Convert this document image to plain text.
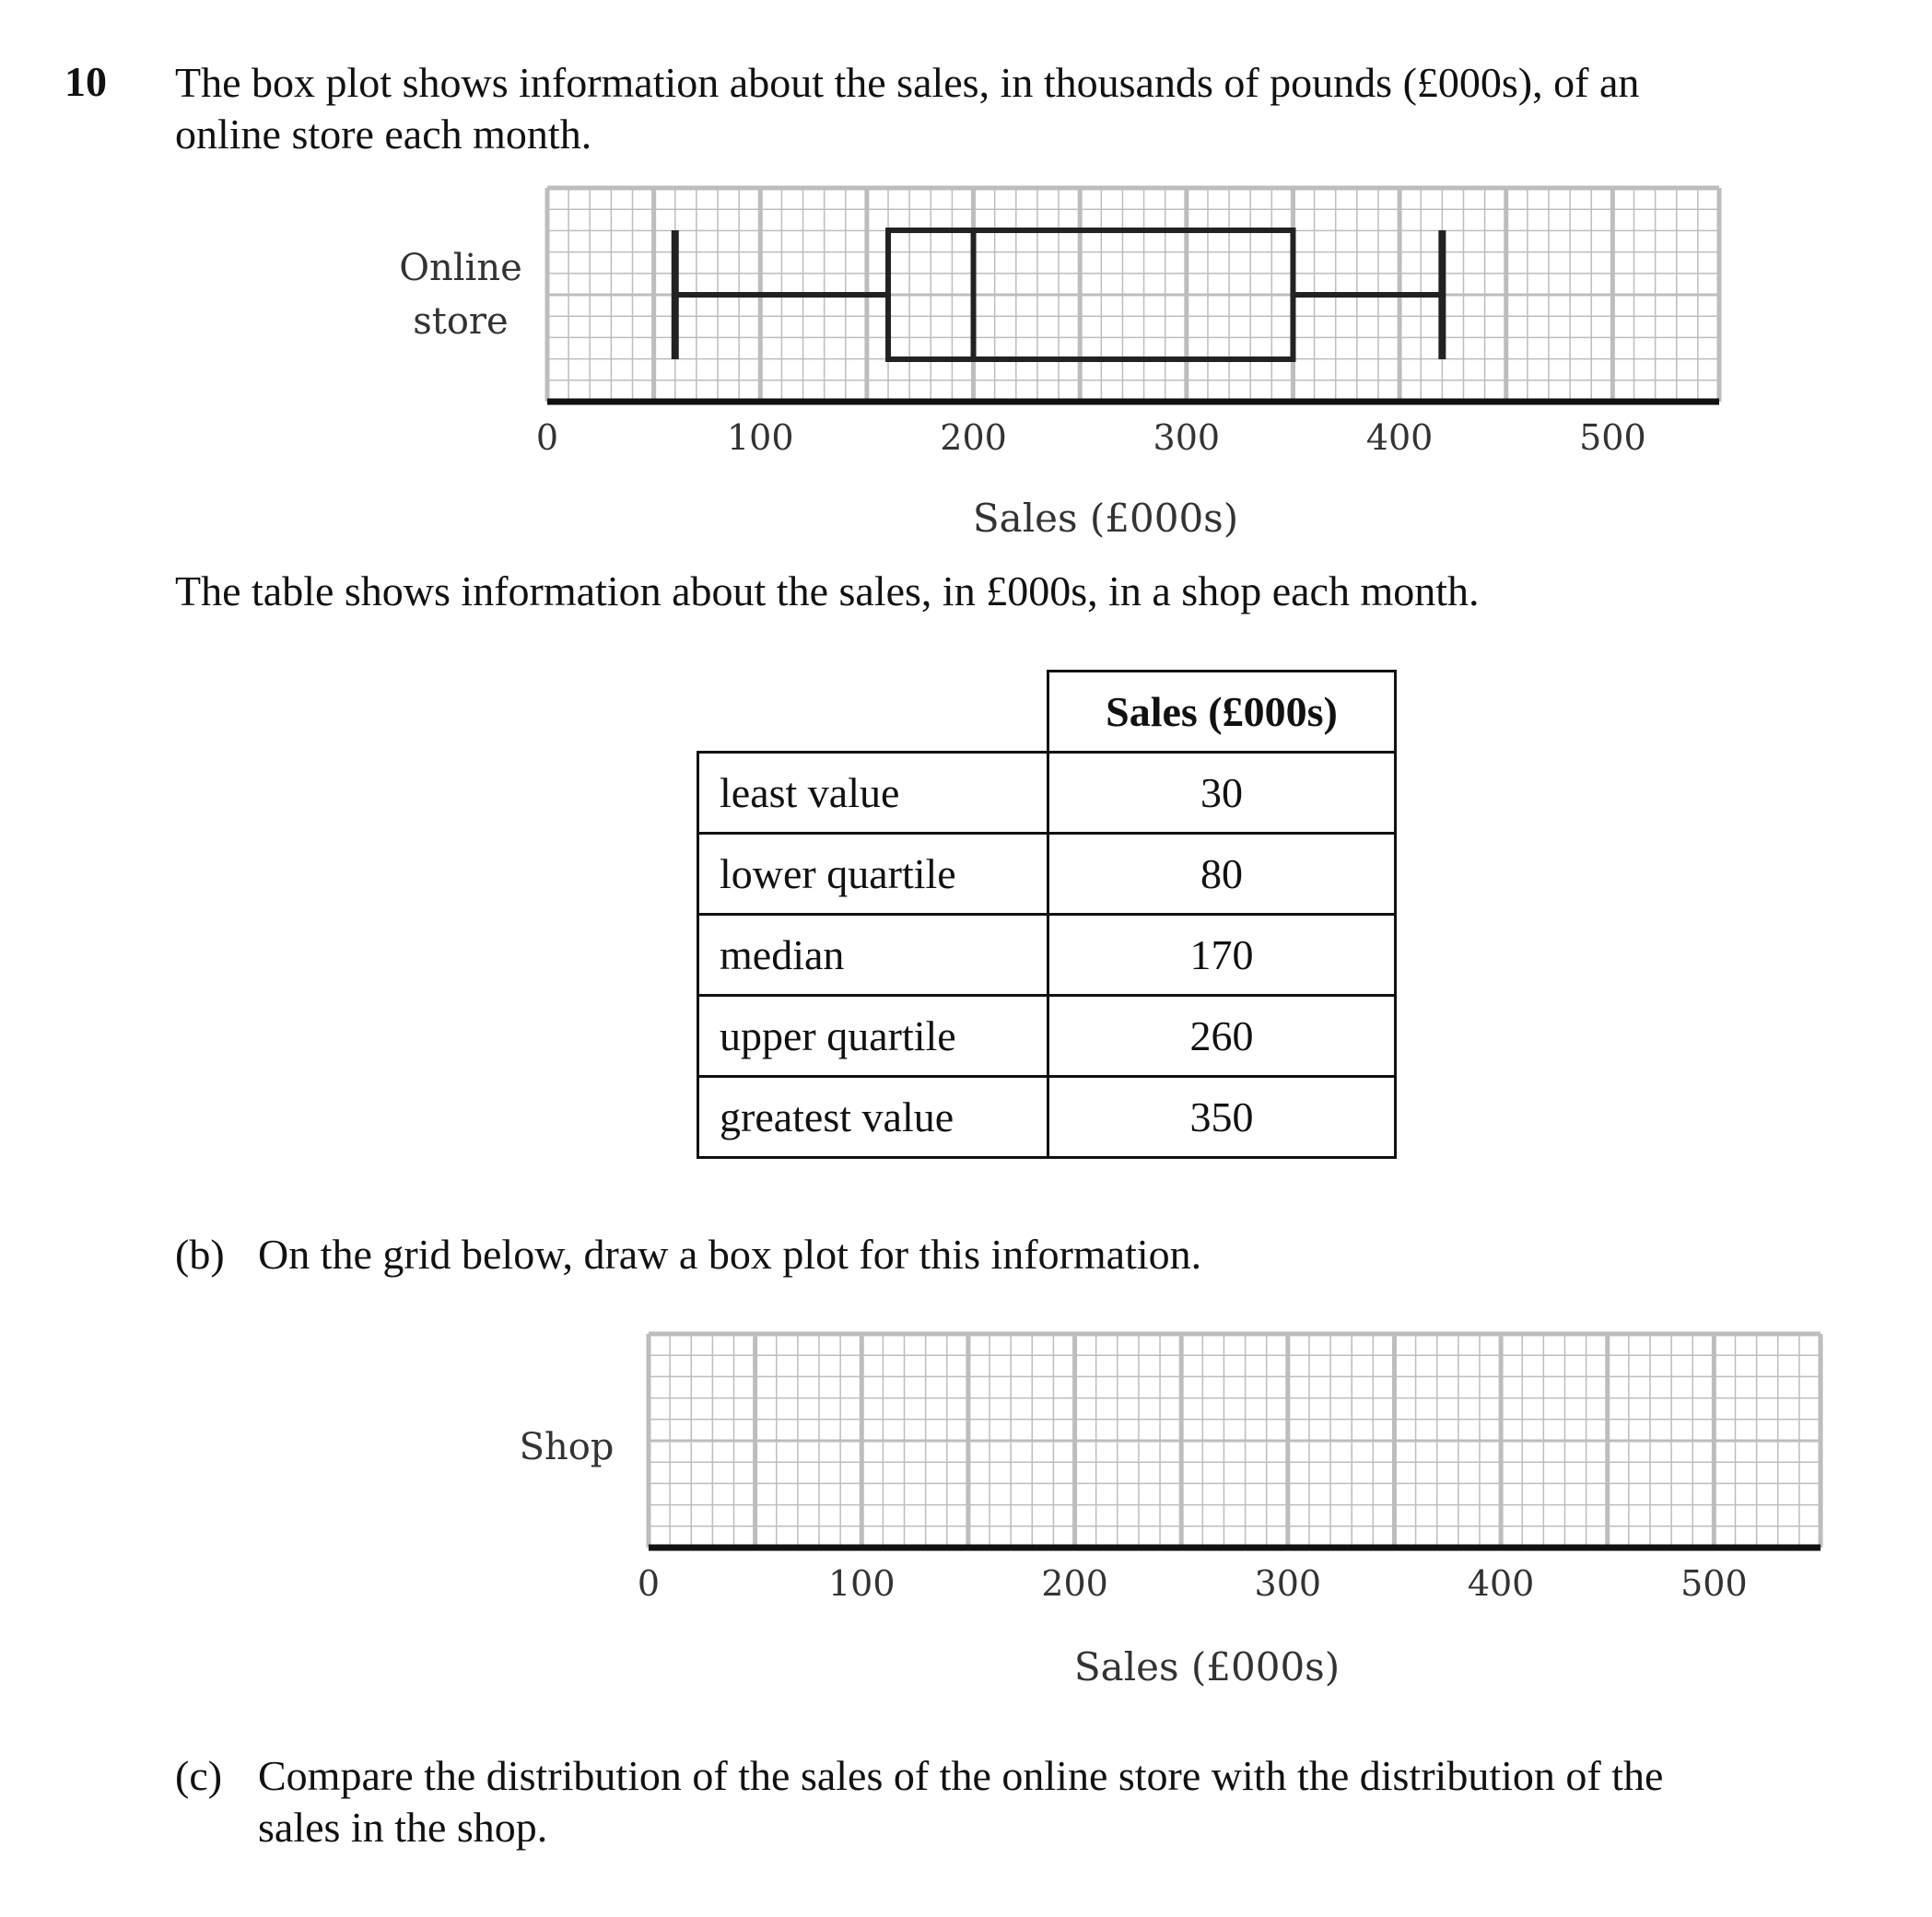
10 The box plot shows information about the sales, in thousands of pounds (£000s), of an
online store each month.
Online
store
0	100	200	300	400	500
Sales (£000s)
The table shows information about the sales, in £000s, in a shop each month.
	Sales (£000s)
least value	30
lower quartile	80
median	170
upper quartile	260
greatest value	350
(b) On the grid below, draw a box plot for this information.
Shop
0	100	200	300	400	500
Sales (£000s)
(c) Compare the distribution of the sales of the online store with the distribution of the
sales in the shop.
